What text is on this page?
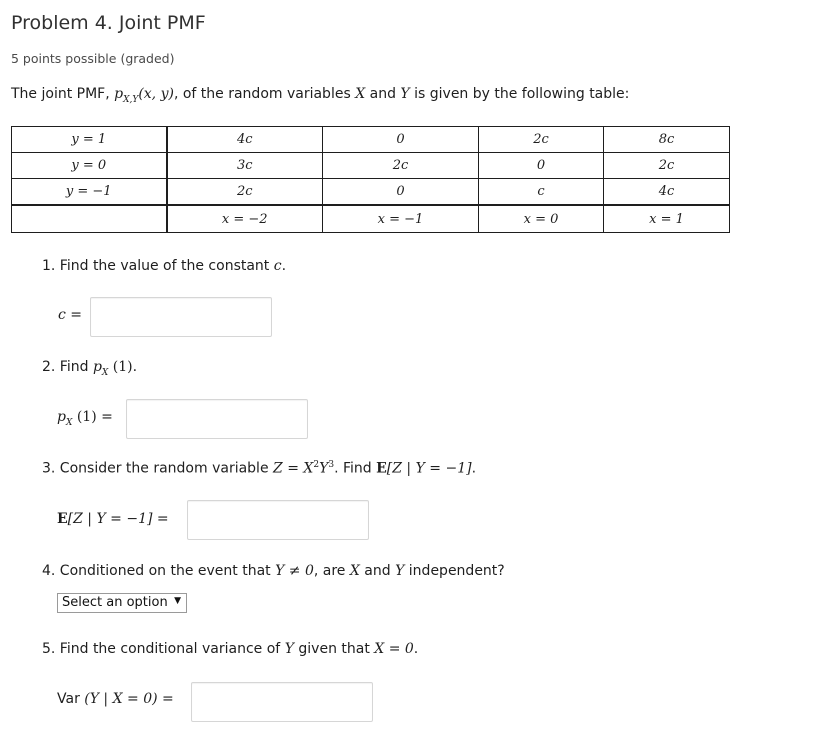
Problem 4. Joint PMF
5 points possible (graded)
The joint PMF, $p_{X,Y}(x$, y), of the random variables X and Y is given by the following table:
y = 1	4c	0	2c	8c
y = 0	3c	2c	0	2c
y = −1	2c	0	c	4c
	x = −2	x = −1	x = 0	x = 1
1. Find the value of the constant c.
c =
2. Find $p_X$ (1).
$p_X$ (1) =
3. Consider the random variable $Z = X^2Y^3$. Find E[Z | Y = −1].
E[Z | Y = −1] =
4. Conditioned on the event that Y ≠ 0, are X and Y independent?
Select an option ▼
5. Find the conditional variance of Y given that X = 0.
Var (Y | X = 0) =
